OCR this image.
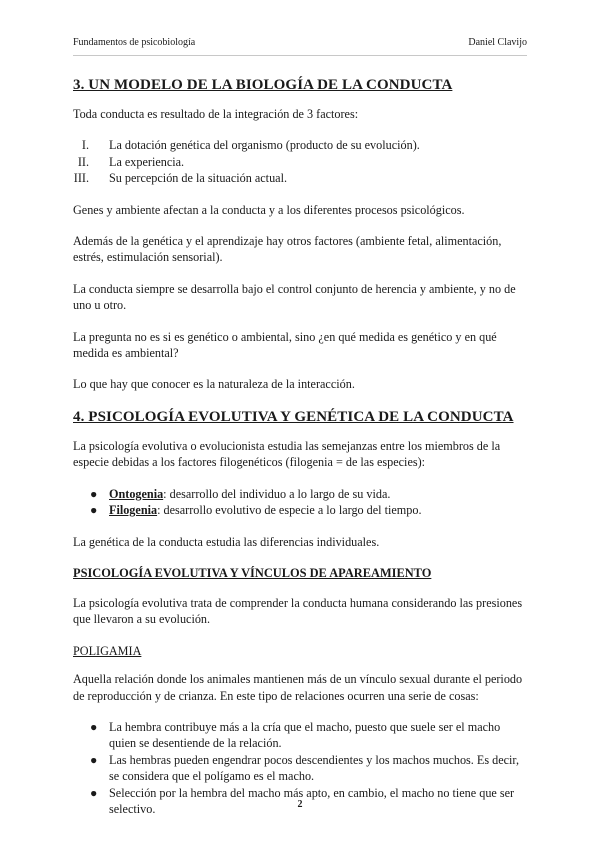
Fundamentos de psicobiología	Daniel Clavijo
3. UN MODELO DE LA BIOLOGÍA DE LA CONDUCTA

Toda conducta es resultado de la integración de 3 factores:

I. La dotación genética del organismo (producto de su evolución).
II. La experiencia.
III. Su percepción de la situación actual.

Genes y ambiente afectan a la conducta y a los diferentes procesos psicológicos.

Además de la genética y el aprendizaje hay otros factores (ambiente fetal, alimentación, estrés, estimulación sensorial).

La conducta siempre se desarrolla bajo el control conjunto de herencia y ambiente, y no de uno u otro.

La pregunta no es si es genético o ambiental, sino ¿en qué medida es genético y en qué medida es ambiental?

Lo que hay que conocer es la naturaleza de la interacción.

4. PSICOLOGÍA EVOLUTIVA Y GENÉTICA DE LA CONDUCTA

La psicología evolutiva o evolucionista estudia las semejanzas entre los miembros de la especie debidas a los factores filogenéticos (filogenia = de las especies):

● Ontogenia: desarrollo del individuo a lo largo de su vida.
● Filogenia: desarrollo evolutivo de especie a lo largo del tiempo.

La genética de la conducta estudia las diferencias individuales.

PSICOLOGÍA EVOLUTIVA Y VÍNCULOS DE APAREAMIENTO

La psicología evolutiva trata de comprender la conducta humana considerando las presiones que llevaron a su evolución.

POLIGAMIA

Aquella relación donde los animales mantienen más de un vínculo sexual durante el periodo de reproducción y de crianza. En este tipo de relaciones ocurren una serie de cosas:

● La hembra contribuye más a la cría que el macho, puesto que suele ser el macho quien se desentiende de la relación.
● Las hembras pueden engendrar pocos descendientes y los machos muchos. Es decir, se considera que el polígamo es el macho.
● Selección por la hembra del macho más apto, en cambio, el macho no tiene que ser selectivo.	2
